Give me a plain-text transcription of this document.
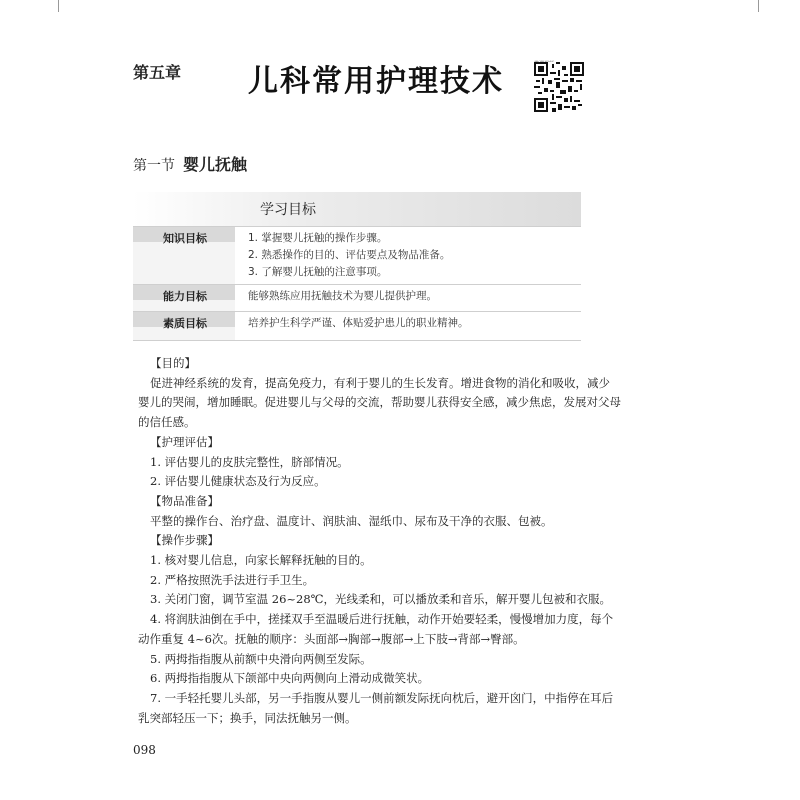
第五章 儿科常用护理技术
第一节 婴儿抚触
学习目标
知识目标	1. 掌握婴儿抚触的操作步骤。
2. 熟悉操作的目的、评估要点及物品准备。
3. 了解婴儿抚触的注意事项。
能力目标	能够熟练应用抚触技术为婴儿提供护理。
素质目标	培养护生科学严谨、体贴爱护患儿的职业精神。
【目的】
促进神经系统的发育，提高免疫力，有利于婴儿的生长发育。增进食物的消化和吸收，减少
婴儿的哭闹，增加睡眠。促进婴儿与父母的交流，帮助婴儿获得安全感，减少焦虑，发展对父母
的信任感。
【护理评估】
1. 评估婴儿的皮肤完整性，脐部情况。
2. 评估婴儿健康状态及行为反应。
【物品准备】
平整的操作台、治疗盘、温度计、润肤油、湿纸巾、尿布及干净的衣服、包被。
【操作步骤】
1. 核对婴儿信息，向家长解释抚触的目的。
2. 严格按照洗手法进行手卫生。
3. 关闭门窗，调节室温 26~28℃，光线柔和，可以播放柔和音乐，解开婴儿包被和衣服。
4. 将润肤油倒在手中，搓揉双手至温暖后进行抚触，动作开始要轻柔，慢慢增加力度，每个
动作重复 4~6次。抚触的顺序：头面部→胸部→腹部→上下肢→背部→臀部。
5. 两拇指指腹从前额中央滑向两侧至发际。
6. 两拇指指腹从下颌部中央向两侧向上滑动成微笑状。
7. 一手轻托婴儿头部，另一手指腹从婴儿一侧前额发际抚向枕后，避开囟门，中指停在耳后
乳突部轻压一下；换手，同法抚触另一侧。
098
